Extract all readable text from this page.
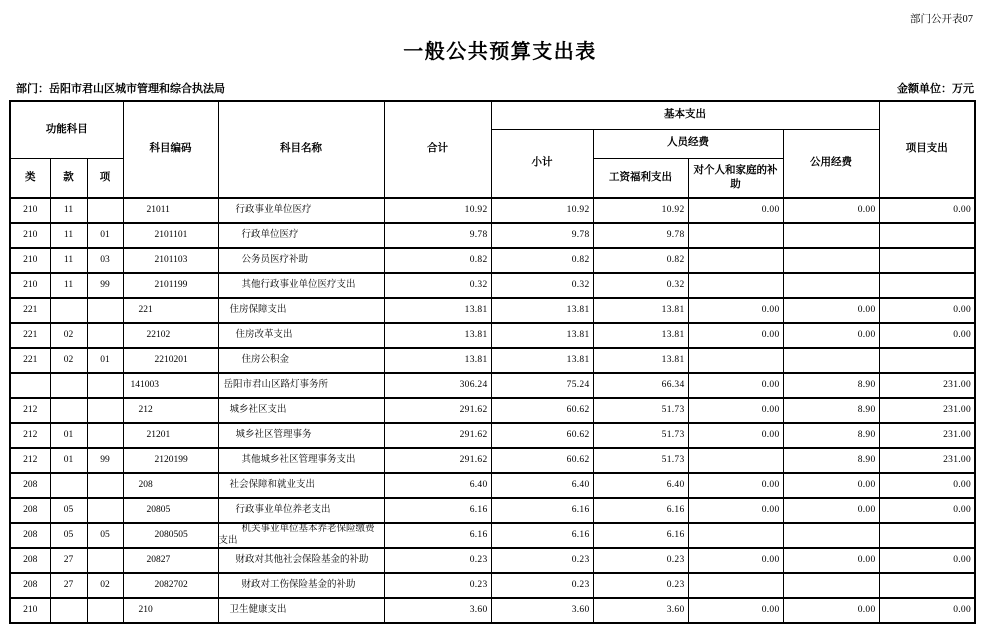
部门公开表07
一般公共预算支出表
部门：岳阳市君山区城市管理和综合执法局	金额单位：万元
功能科目			科目编码	科目名称	合计	基本支出				项目支出
						小计	人员经费		公用经费	
类	款	项					工资福利支出	对个人和家庭的补助		
210	11		21011	行政事业单位医疗	10.92	10.92	10.92	0.00	0.00	0.00
210	11	01	2101101	行政单位医疗	9.78	9.78	9.78			
210	11	03	2101103	公务员医疗补助	0.82	0.82	0.82			
210	11	99	2101199	其他行政事业单位医疗支出	0.32	0.32	0.32			
221			221	住房保障支出	13.81	13.81	13.81	0.00	0.00	0.00
221	02		22102	住房改革支出	13.81	13.81	13.81	0.00	0.00	0.00
221	02	01	2210201	住房公积金	13.81	13.81	13.81			
			141003	岳阳市君山区路灯事务所	306.24	75.24	66.34	0.00	8.90	231.00
212			212	城乡社区支出	291.62	60.62	51.73	0.00	8.90	231.00
212	01		21201	城乡社区管理事务	291.62	60.62	51.73	0.00	8.90	231.00
212	01	99	2120199	其他城乡社区管理事务支出	291.62	60.62	51.73		8.90	231.00
208			208	社会保障和就业支出	6.40	6.40	6.40	0.00	0.00	0.00
208	05		20805	行政事业单位养老支出	6.16	6.16	6.16	0.00	0.00	0.00
208	05	05	2080505	机关事业单位基本养老保险缴费支出	6.16	6.16	6.16			
208	27		20827	财政对其他社会保险基金的补助	0.23	0.23	0.23	0.00	0.00	0.00
208	27	02	2082702	财政对工伤保险基金的补助	0.23	0.23	0.23			
210			210	卫生健康支出	3.60	3.60	3.60	0.00	0.00	0.00
